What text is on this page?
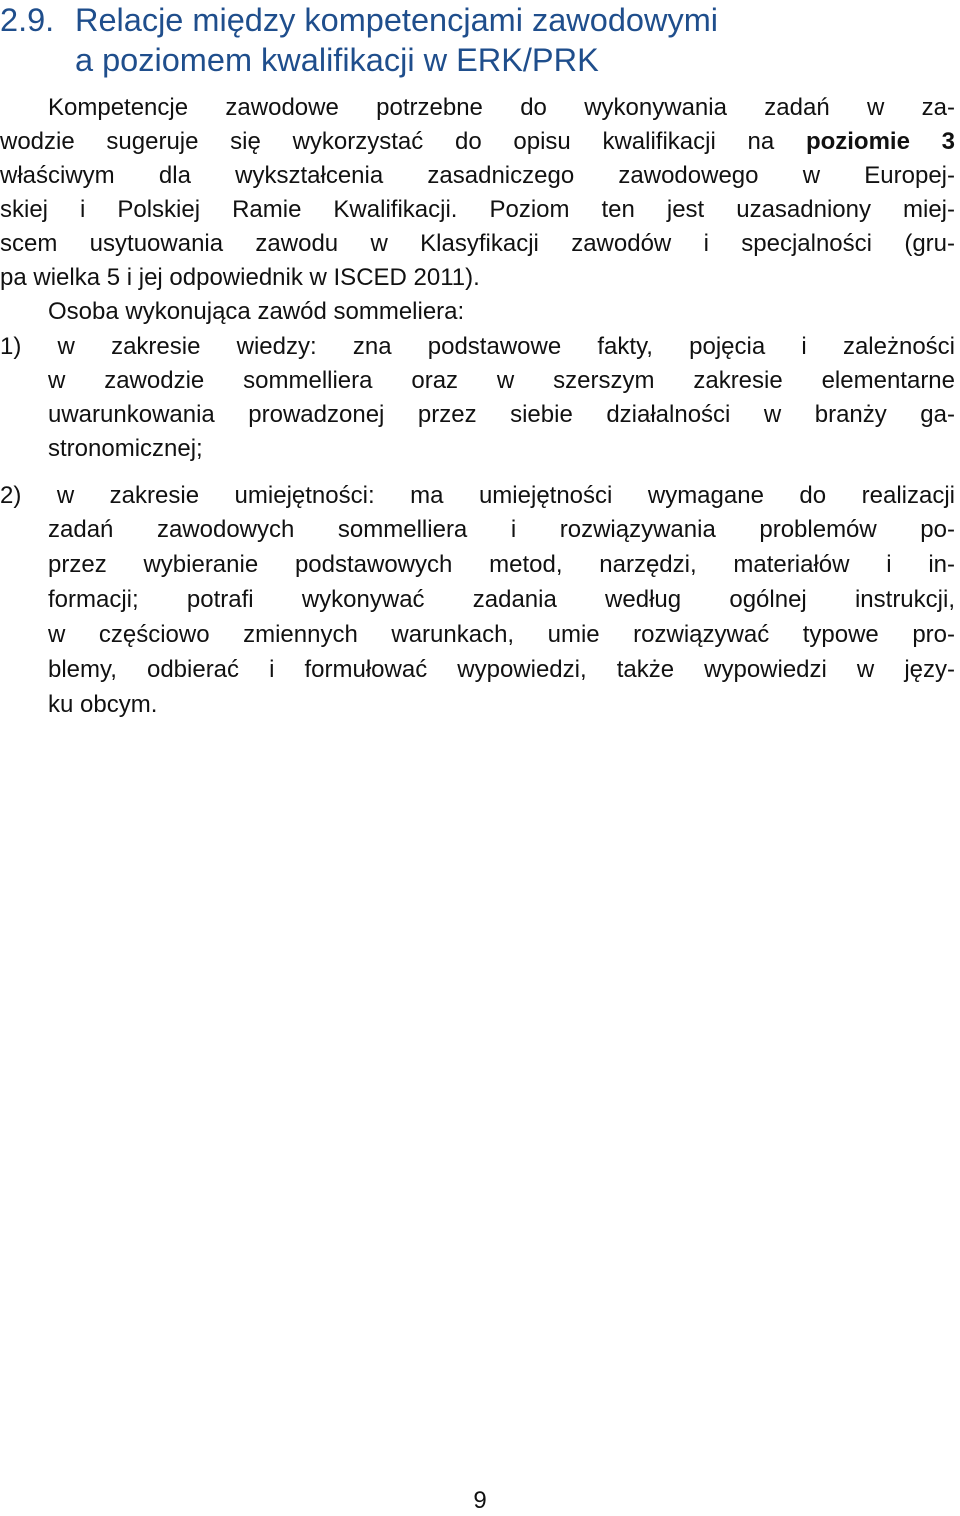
2.9. Relacje między kompetencjami zawodowymi
a poziomem kwalifikacji w ERK/PRK
Kompetencje zawodowe potrzebne do wykonywania zadań w za-
wodzie sugeruje się wykorzystać do opisu kwalifikacji na poziomie 3
właściwym dla wykształcenia zasadniczego zawodowego w Europej-
skiej i Polskiej Ramie Kwalifikacji. Poziom ten jest uzasadniony miej-
scem usytuowania zawodu w Klasyfikacji zawodów i specjalności (gru-
pa wielka 5 i jej odpowiednik w ISCED 2011).
Osoba wykonująca zawód sommeliera:
1) w zakresie wiedzy: zna podstawowe fakty, pojęcia i zależności
w zawodzie sommelliera oraz w szerszym zakresie elementarne
uwarunkowania prowadzonej przez siebie działalności w branży ga-
stronomicznej;
2) w zakresie umiejętności: ma umiejętności wymagane do realizacji
zadań zawodowych sommelliera i rozwiązywania problemów po-
przez wybieranie podstawowych metod, narzędzi, materiałów i in-
formacji; potrafi wykonywać zadania według ogólnej instrukcji,
w częściowo zmiennych warunkach, umie rozwiązywać typowe pro-
blemy, odbierać i formułować wypowiedzi, także wypowiedzi w języ-
ku obcym.
9
